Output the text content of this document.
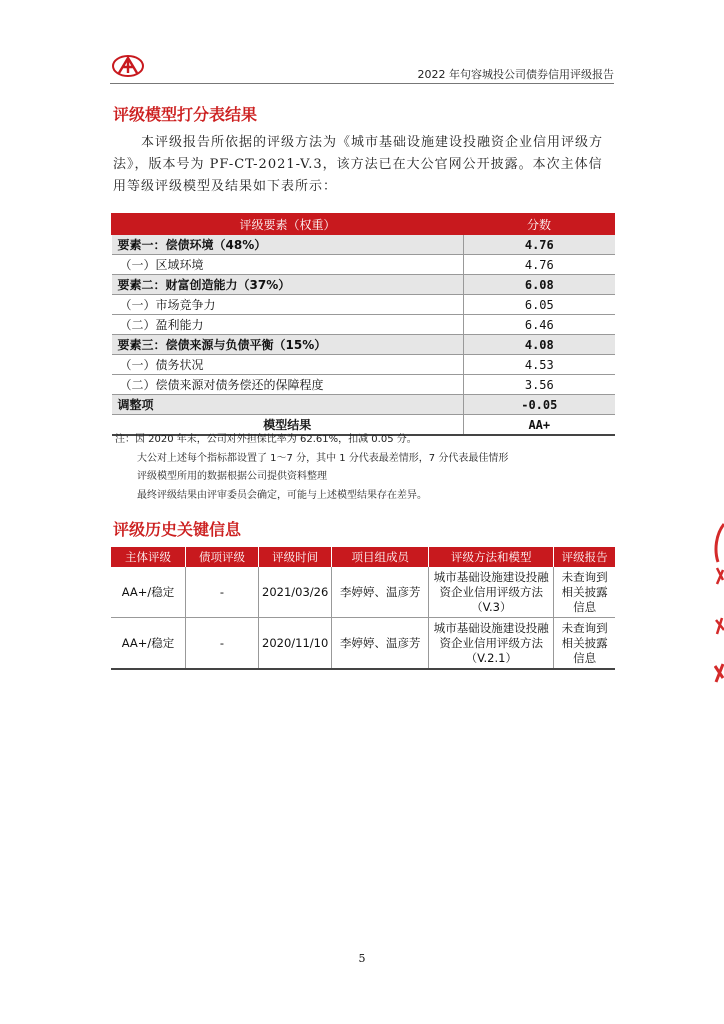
2022 年句容城投公司债券信用评级报告
评级模型打分表结果
本评级报告所依据的评级方法为《城市基础设施建设投融资企业信用评级方法》，版本号为 PF-CT-2021-V.3，该方法已在大公官网公开披露。本次主体信用等级评级模型及结果如下表所示：
评级要素（权重）	分数
要素一：偿债环境（48%）	4.76
（一）区域环境	4.76
要素二：财富创造能力（37%）	6.08
（一）市场竞争力	6.05
（二）盈利能力	6.46
要素三：偿债来源与负债平衡（15%）	4.08
（一）债务状况	4.53
（二）偿债来源对债务偿还的保障程度	3.56
调整项	-0.05
模型结果	AA+
注：因 2020 年末，公司对外担保比率为 62.61%，扣减 0.05 分。
大公对上述每个指标都设置了 1～7 分，其中 1 分代表最差情形，7 分代表最佳情形
评级模型所用的数据根据公司提供资料整理
最终评级结果由评审委员会确定，可能与上述模型结果存在差异。
评级历史关键信息
主体评级	债项评级	评级时间	项目组成员	评级方法和模型	评级报告
AA+/稳定	-	2021/03/26	李婷婷、温彦芳	城市基础设施建设投融资企业信用评级方法（V.3）	未查询到相关披露信息
AA+/稳定	-	2020/11/10	李婷婷、温彦芳	城市基础设施建设投融资企业信用评级方法（V.2.1）	未查询到相关披露信息
5
